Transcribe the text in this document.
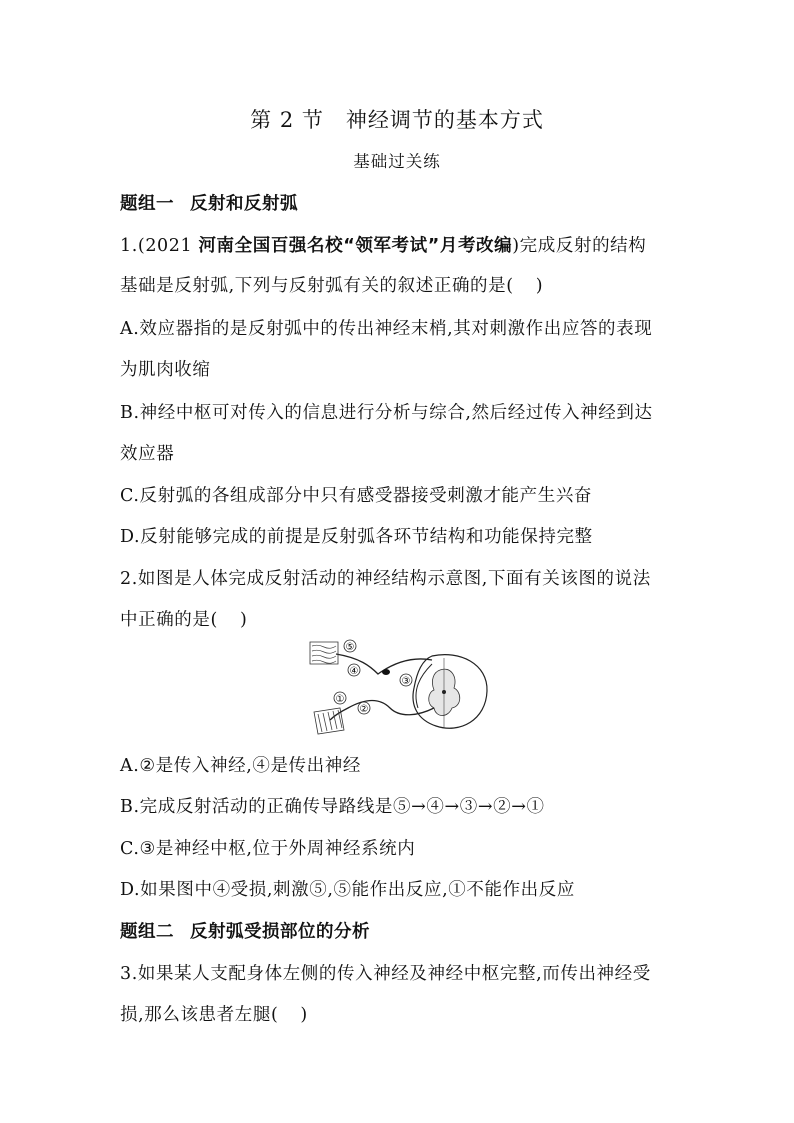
第 2 节 神经调节的基本方式
基础过关练
题组一 反射和反射弧
1.(2021 河南全国百强名校“领军考试”月考改编)完成反射的结构
基础是反射弧,下列与反射弧有关的叙述正确的是( )
A.效应器指的是反射弧中的传出神经末梢,其对刺激作出应答的表现
为肌肉收缩
B.神经中枢可对传入的信息进行分析与综合,然后经过传入神经到达
效应器
C.反射弧的各组成部分中只有感受器接受刺激才能产生兴奋
D.反射能够完成的前提是反射弧各环节结构和功能保持完整
2.如图是人体完成反射活动的神经结构示意图,下面有关该图的说法
中正确的是( )
⑤
④
③
①
②
A.②是传入神经,④是传出神经
B.完成反射活动的正确传导路线是⑤→④→③→②→①
C.③是神经中枢,位于外周神经系统内
D.如果图中④受损,刺激⑤,⑤能作出反应,①不能作出反应
题组二 反射弧受损部位的分析
3.如果某人支配身体左侧的传入神经及神经中枢完整,而传出神经受
损,那么该患者左腿( )
